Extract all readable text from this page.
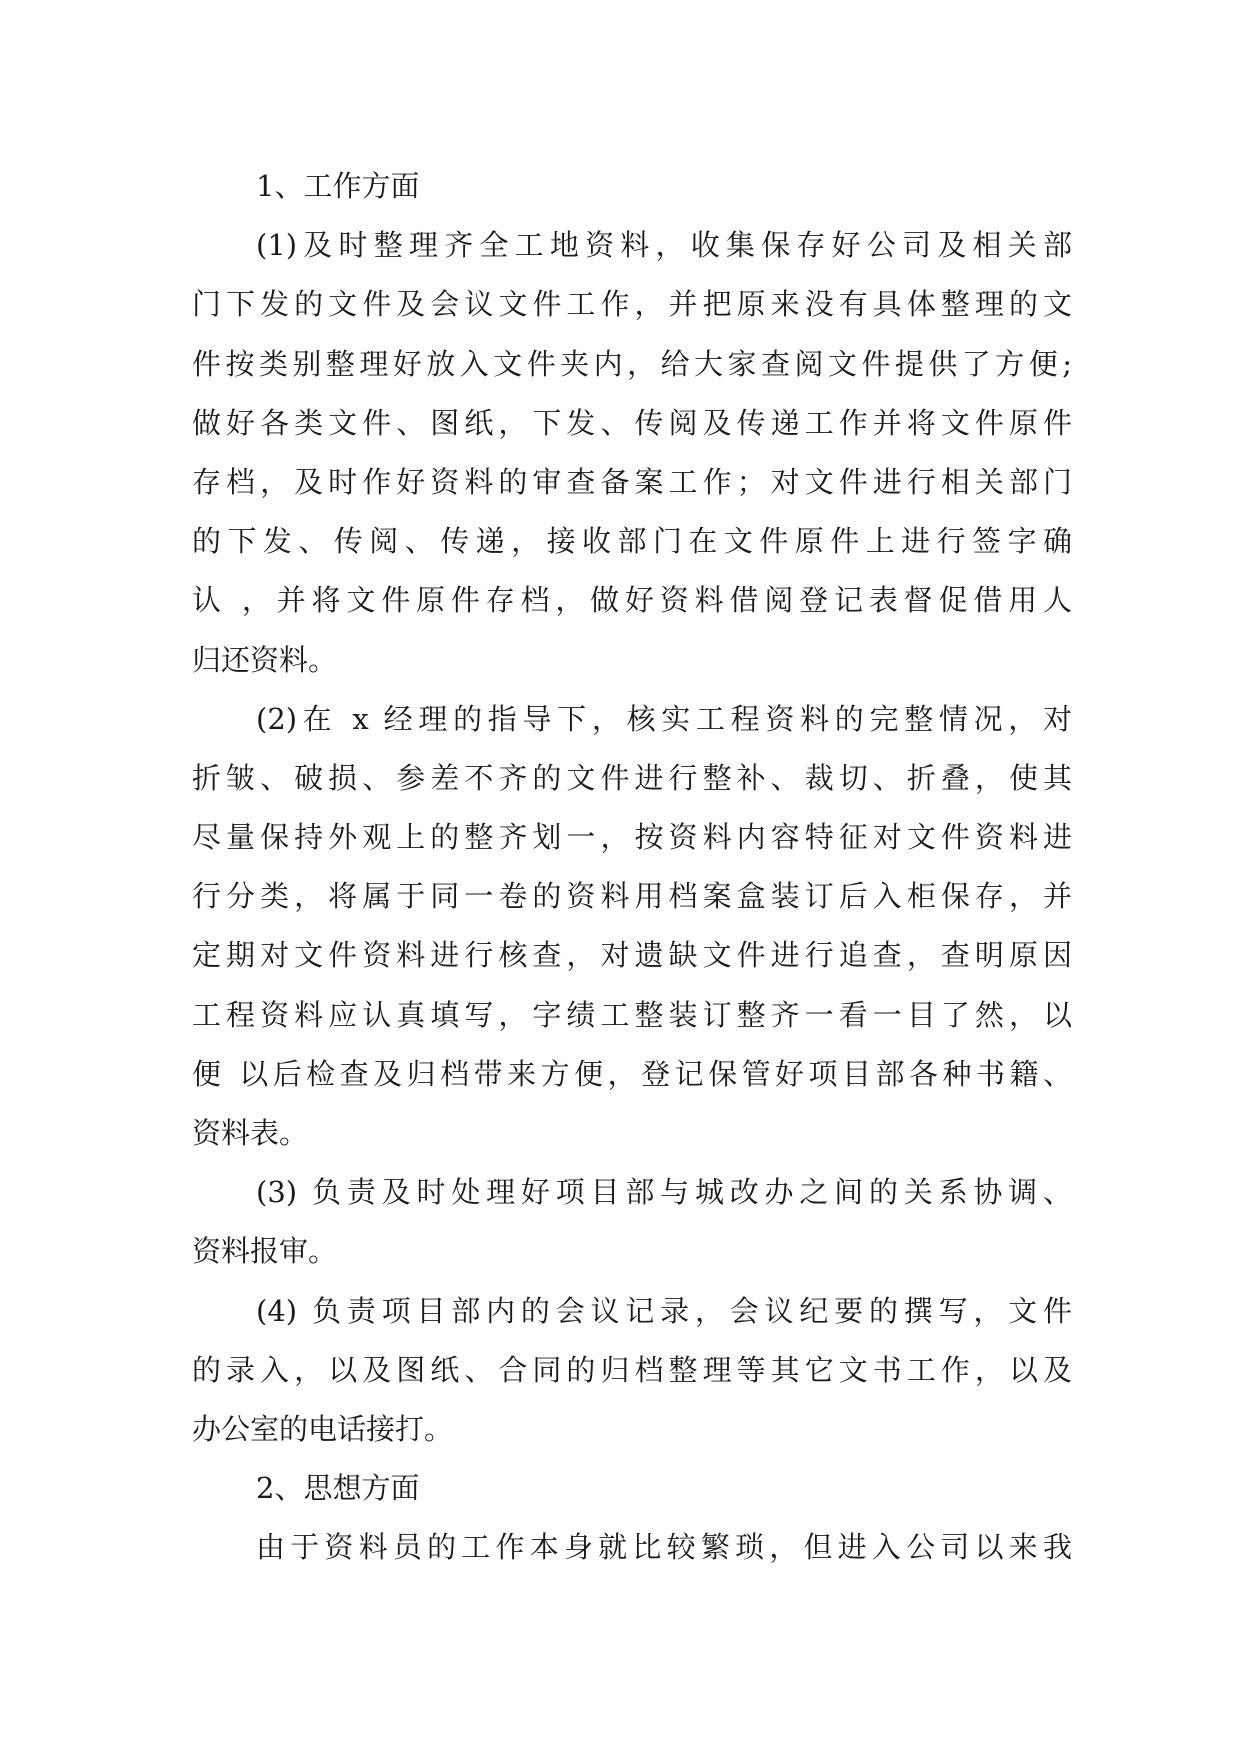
1、工作方面
(1)及时整理齐全工地资料，收集保存好公司及相关部
门下发的文件及会议文件工作，并把原来没有具体整理的文
件按类别整理好放入文件夹内，给大家查阅文件提供了方便;
做好各类文件、图纸，下发、传阅及传递工作并将文件原件
存档，及时作好资料的审查备案工作；对文件进行相关部门
的下发、传阅、传递，接收部门在文件原件上进行签字确
认 ，并将文件原件存档，做好资料借阅登记表督促借用人
归还资料。
(2)在 x 经理的指导下，核实工程资料的完整情况，对
折皱、破损、参差不齐的文件进行整补、裁切、折叠，使其
尽量保持外观上的整齐划一，按资料内容特征对文件资料进
行分类，将属于同一卷的资料用档案盒装订后入柜保存，并
定期对文件资料进行核查，对遗缺文件进行追查，查明原因
工程资料应认真填写，字绩工整装订整齐一看一目了然，以
便 以后检查及归档带来方便，登记保管好项目部各种书籍、
资料表。
(3) 负责及时处理好项目部与城改办之间的关系协调、
资料报审。
(4) 负责项目部内的会议记录，会议纪要的撰写，文件
的录入，以及图纸、合同的归档整理等其它文书工作，以及
办公室的电话接打。
2、思想方面
由于资料员的工作本身就比较繁琐，但进入公司以来我
